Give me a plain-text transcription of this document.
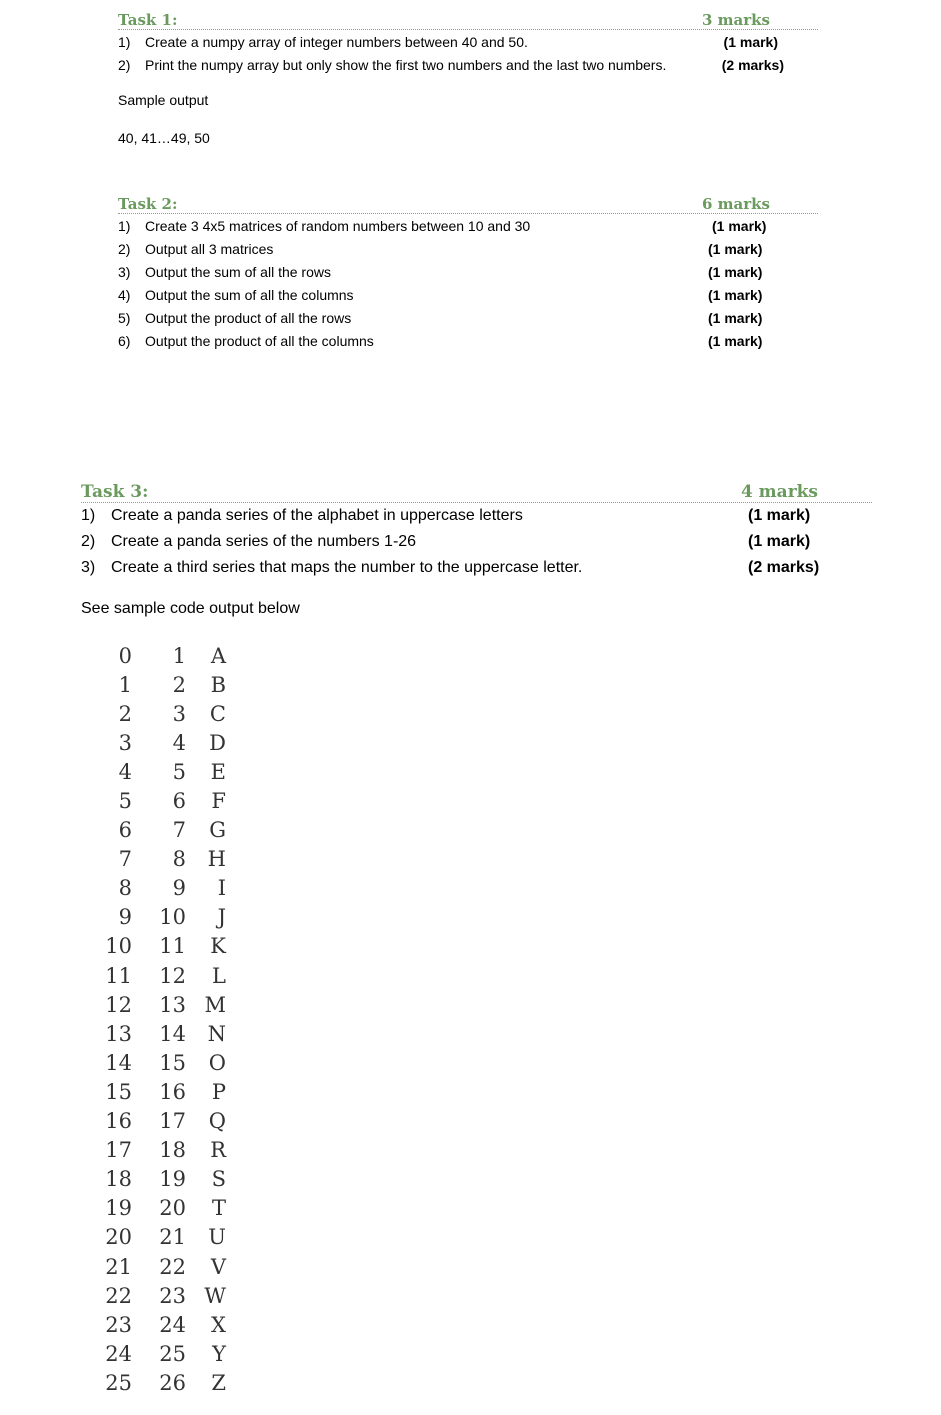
Task 1:	3 marks
1) Create a numpy array of integer numbers between 40 and 50.	(1 mark)
2) Print the numpy array but only show the first two numbers and the last two numbers.	(2 marks)
Sample output
40, 41…49, 50
Task 2:	6 marks
1) Create 3 4x5 matrices of random numbers between 10 and 30	(1 mark)
2) Output all 3 matrices	(1 mark)
3) Output the sum of all the rows	(1 mark)
4) Output the sum of all the columns	(1 mark)
5) Output the product of all the rows	(1 mark)
6) Output the product of all the columns	(1 mark)
Task 3:	4 marks
1) Create a panda series of the alphabet in uppercase letters	(1 mark)
2) Create a panda series of the numbers 1-26	(1 mark)
3) Create a third series that maps the number to the uppercase letter.	(2 marks)
See sample code output below
0	1	A
1	2	B
2	3	C
3	4	D
4	5	E
5	6	F
6	7	G
7	8	H
8	9	I
9	10	J
10	11	K
11	12	L
12	13 M
13	14	N
14	15	O
15	16	P
16	17	Q
17	18	R
18	19	S
19	20	T
20	21	U
21	22	V
22	23 W
23	24	X
24	25	Y
25	26	Z
